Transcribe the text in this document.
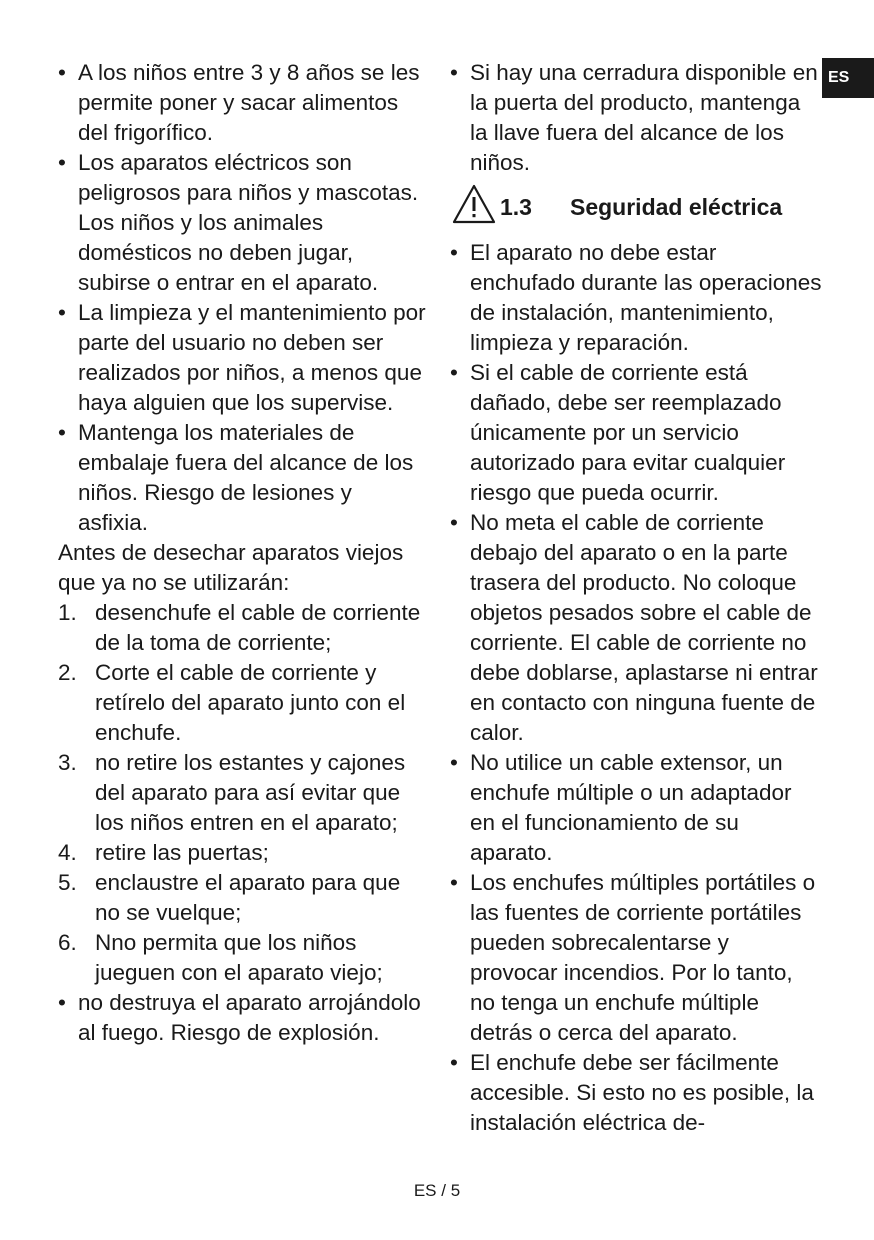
ES

• A los niños entre 3 y 8 años se les permite poner y sacar alimentos del frigorífico.

• Los aparatos eléctricos son peligrosos para niños y mascotas. Los niños y los animales domésticos no deben jugar, subirse o entrar en el aparato.

• La limpieza y el mantenimiento por parte del usuario no deben ser realizados por niños, a menos que haya alguien que los supervise.

• Mantenga los materiales de embalaje fuera del alcance de los niños. Riesgo de lesiones y asfixia.

Antes de desechar aparatos viejos que ya no se utilizarán:

1. desenchufe el cable de corriente de la toma de corriente;
2. Corte el cable de corriente y retírelo del aparato junto con el enchufe.
3. no retire los estantes y cajones del aparato para así evitar que los niños entren en el aparato;
4. retire las puertas;
5. enclaustre el aparato para que no se vuelque;
6. Nno permita que los niños jueguen con el aparato viejo;

• no destruya el aparato arrojándolo al fuego. Riesgo de explosión.

• Si hay una cerradura disponible en la puerta del producto, mantenga la llave fuera del alcance de los niños.

1.3 Seguridad eléctrica

• El aparato no debe estar enchufado durante las operaciones de instalación, mantenimiento, limpieza y reparación.

• Si el cable de corriente está dañado, debe ser reemplazado únicamente por un servicio autorizado para evitar cualquier riesgo que pueda ocurrir.

• No meta el cable de corriente debajo del aparato o en la parte trasera del producto. No coloque objetos pesados sobre el cable de corriente. El cable de corriente no debe doblarse, aplastarse ni entrar en contacto con ninguna fuente de calor.

• No utilice un cable extensor, un enchufe múltiple o un adaptador en el funcionamiento de su aparato.

• Los enchufes múltiples portátiles o las fuentes de corriente portátiles pueden sobrecalentarse y provocar incendios. Por lo tanto, no tenga un enchufe múltiple detrás o cerca del aparato.

• El enchufe debe ser fácilmente accesible. Si esto no es posible, la instalación eléctrica de-

ES / 5
